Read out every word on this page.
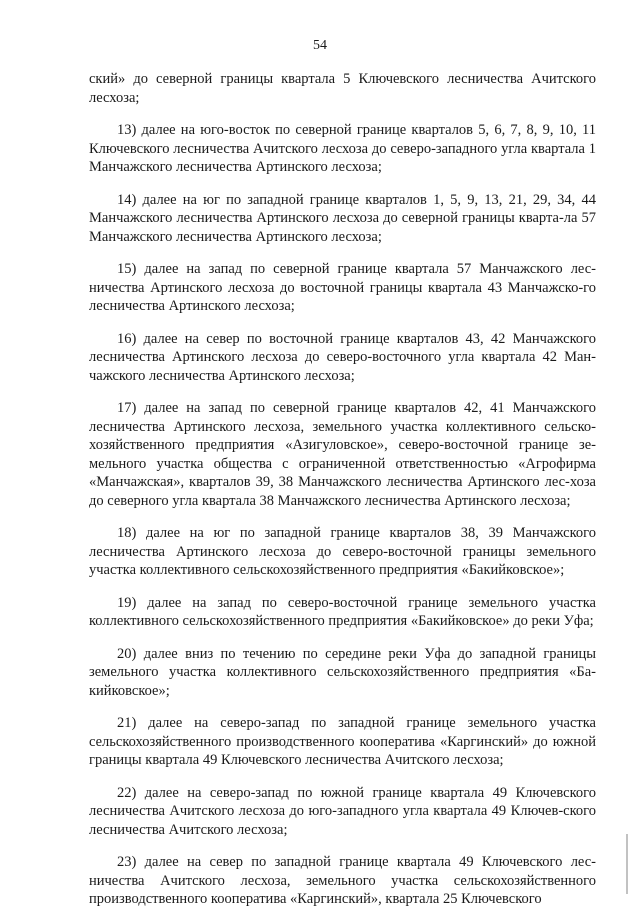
54

ский» до северной границы квартала 5 Ключевского лесничества Ачитского лесхоза;

13) далее на юго-восток по северной границе кварталов 5, 6, 7, 8, 9, 10, 11 Ключевского лесничества Ачитского лесхоза до северо-западного угла квартала 1 Манчажского лесничества Артинского лесхоза;

14) далее на юг по западной границе кварталов 1, 5, 9, 13, 21, 29, 34, 44 Манчажского лесничества Артинского лесхоза до северной границы кварта-ла 57 Манчажского лесничества Артинского лесхоза;

15) далее на запад по северной границе квартала 57 Манчажского лес-ничества Артинского лесхоза до восточной границы квартала 43 Манчажско-го лесничества Артинского лесхоза;

16) далее на север по восточной границе кварталов 43, 42 Манчажского лесничества Артинского лесхоза до северо-восточного угла квартала 42 Ман-чажского лесничества Артинского лесхоза;

17) далее на запад по северной границе кварталов 42, 41 Манчажского лесничества Артинского лесхоза, земельного участка коллективного сельско-хозяйственного предприятия «Азигуловское», северо-восточной границе зе-мельного участка общества с ограниченной ответственностью «Агрофирма «Манчажская», кварталов 39, 38 Манчажского лесничества Артинского лес-хоза до северного угла квартала 38 Манчажского лесничества Артинского лесхоза;

18) далее на юг по западной границе кварталов 38, 39 Манчажского лесничества Артинского лесхоза до северо-восточной границы земельного участка коллективного сельскохозяйственного предприятия «Бакийковское»;

19) далее на запад по северо-восточной границе земельного участка коллективного сельскохозяйственного предприятия «Бакийковское» до реки Уфа;

20) далее вниз по течению по середине реки Уфа до западной границы земельного участка коллективного сельскохозяйственного предприятия «Ба-кийковское»;

21) далее на северо-запад по западной границе земельного участка сельскохозяйственного производственного кооператива «Каргинский» до южной границы квартала 49 Ключевского лесничества Ачитского лесхоза;

22) далее на северо-запад по южной границе квартала 49 Ключевского лесничества Ачитского лесхоза до юго-западного угла квартала 49 Ключев-ского лесничества Ачитского лесхоза;

23) далее на север по западной границе квартала 49 Ключевского лес-ничества Ачитского лесхоза, земельного участка сельскохозяйственного производственного кооператива «Каргинский», квартала 25 Ключевского
